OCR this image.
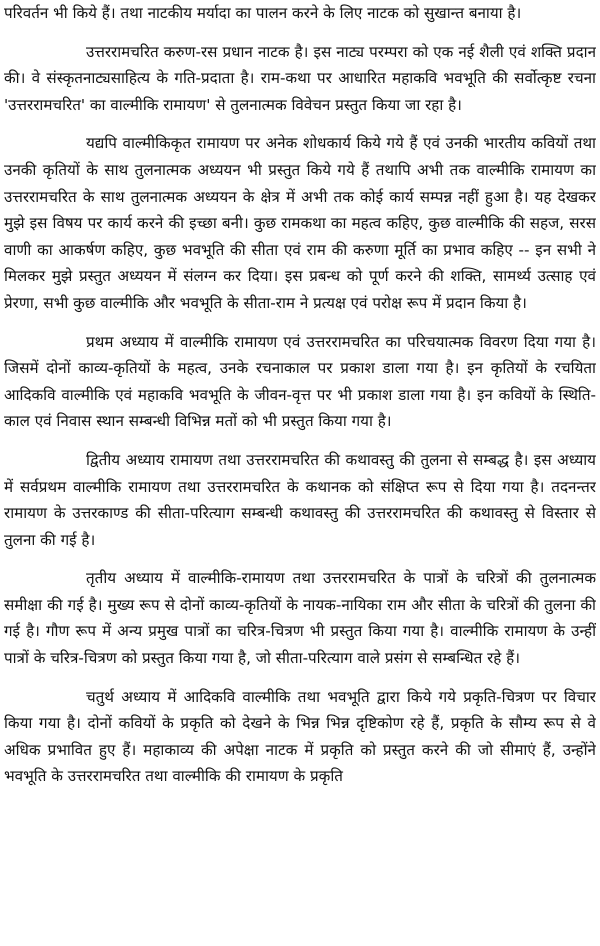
परिवर्तन भी किये हैं। तथा नाटकीय मर्यादा का पालन करने के लिए नाटक को सुखान्त बनाया है।

उत्तररामचरित करुण-रस प्रधान नाटक है। इस नाट्य परम्परा को एक नई शैली एवं शक्ति प्रदान की। वे संस्कृतनाट्यसाहित्य के गति-प्रदाता है। राम-कथा पर आधारित महाकवि भवभूति की सर्वोत्कृष्ट रचना 'उत्तररामचरित' का वाल्मीकि रामायण' से तुलनात्मक विवेचन प्रस्तुत किया जा रहा है।

यद्यपि वाल्मीकिकृत रामायण पर अनेक शोधकार्य किये गये हैं एवं उनकी भारतीय कवियों तथा उनकी कृतियों के साथ तुलनात्मक अध्ययन भी प्रस्तुत किये गये हैं तथापि अभी तक वाल्मीकि रामायण का उत्तररामचरित के साथ तुलनात्मक अध्ययन के क्षेत्र में अभी तक कोई कार्य सम्पन्न नहीं हुआ है। यह देखकर मुझे इस विषय पर कार्य करने की इच्छा बनी। कुछ रामकथा का महत्व कहिए, कुछ वाल्मीकि की सहज, सरस वाणी का आकर्षण कहिए, कुछ भवभूति की सीता एवं राम की करुणा मूर्ति का प्रभाव कहिए -- इन सभी ने मिलकर मुझे प्रस्तुत अध्ययन में संलग्न कर दिया। इस प्रबन्ध को पूर्ण करने की शक्ति, सामर्थ्य उत्साह एवं प्रेरणा, सभी कुछ वाल्मीकि और भवभूति के सीता-राम ने प्रत्यक्ष एवं परोक्ष रूप में प्रदान किया है।

प्रथम अध्याय में वाल्मीकि रामायण एवं उत्तररामचरित का परिचयात्मक विवरण दिया गया है। जिसमें दोनों काव्य-कृतियों के महत्व, उनके रचनाकाल पर प्रकाश डाला गया है। इन कृतियों के रचयिता आदिकवि वाल्मीकि एवं महाकवि भवभूति के जीवन-वृत्त पर भी प्रकाश डाला गया है। इन कवियों के स्थिति-काल एवं निवास स्थान सम्बन्धी विभिन्न मतों को भी प्रस्तुत किया गया है।

द्वितीय अध्याय रामायण तथा उत्तररामचरित की कथावस्तु की तुलना से सम्बद्ध है। इस अध्याय में सर्वप्रथम वाल्मीकि रामायण तथा उत्तररामचरित के कथानक को संक्षिप्त रूप से दिया गया है। तदनन्तर रामायण के उत्तरकाण्ड की सीता-परित्याग सम्बन्धी कथावस्तु की उत्तररामचरित की कथावस्तु से विस्तार से तुलना की गई है।

तृतीय अध्याय में वाल्मीकि-रामायण तथा उत्तररामचरित के पात्रों के चरित्रों की तुलनात्मक समीक्षा की गई है। मुख्य रूप से दोनों काव्य-कृतियों के नायक-नायिका राम और सीता के चरित्रों की तुलना की गई है। गौण रूप में अन्य प्रमुख पात्रों का चरित्र-चित्रण भी प्रस्तुत किया गया है। वाल्मीकि रामायण के उन्हीं पात्रों के चरित्र-चित्रण को प्रस्तुत किया गया है, जो सीता-परित्याग वाले प्रसंग से सम्बन्धित रहे हैं।

चतुर्थ अध्याय में आदिकवि वाल्मीकि तथा भवभूति द्वारा किये गये प्रकृति-चित्रण पर विचार किया गया है। दोनों कवियों के प्रकृति को देखने के भिन्न भिन्न दृष्टिकोण रहे हैं, प्रकृति के सौम्य रूप से वे अधिक प्रभावित हुए हैं। महाकाव्य की अपेक्षा नाटक में प्रकृति को प्रस्तुत करने की जो सीमाएं हैं, उन्होंने भवभूति के उत्तररामचरित तथा वाल्मीकि की रामायण के प्रकृति
